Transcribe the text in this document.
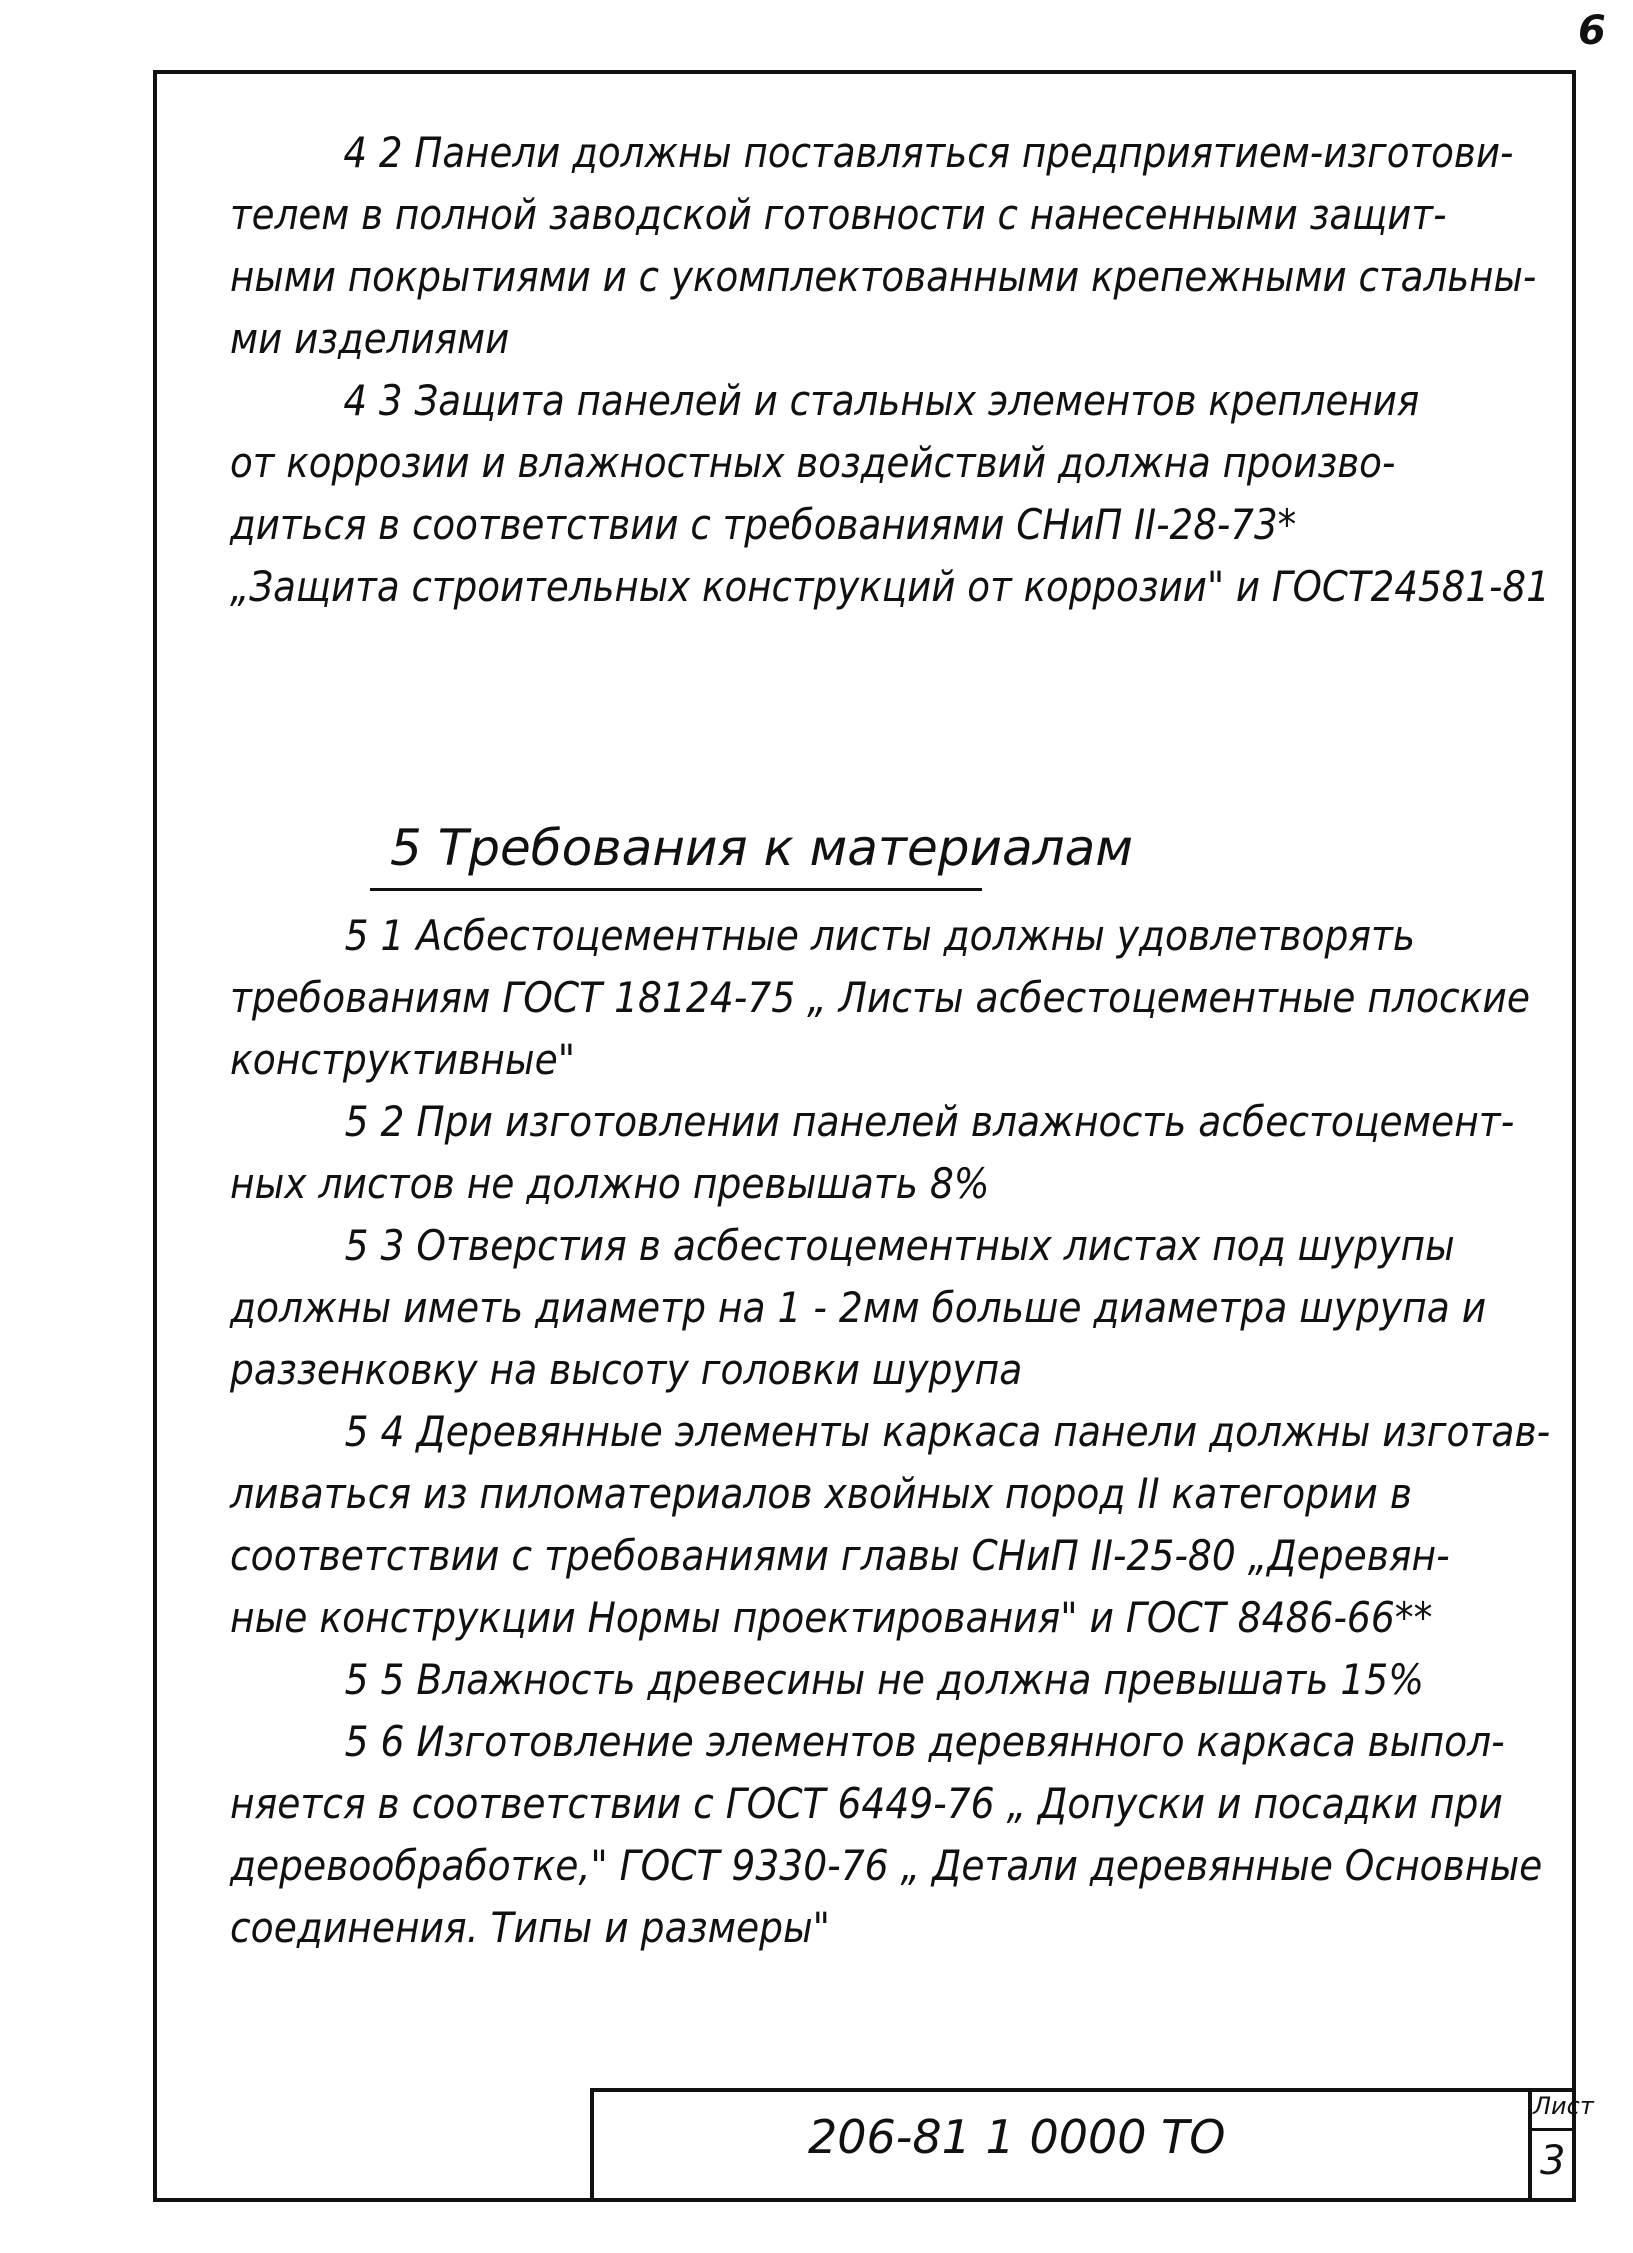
6
4 2 Панели должны поставляться предприятием-изготови-
телем в полной заводской готовности с нанесенными защит-
ными покрытиями и с укомплектованными крепежными стальны-
ми изделиями
4 3 Защита панелей и стальных элементов крепления
от коррозии и влажностных воздействий должна произво-
диться в соответствии с требованиями СНиП II-28-73*
„Защита строительных конструкций от коррозии" и ГОСТ24581-81
5 Требования к материалам
5 1 Асбестоцементные листы должны удовлетворять
требованиям ГОСТ 18124-75 „ Листы асбестоцементные плоские
конструктивные"
5 2 При изготовлении панелей влажность асбестоцемент-
ных листов не должно превышать 8%
5 3 Отверстия в асбестоцементных листах под шурупы
должны иметь диаметр на 1 - 2мм больше диаметра шурупа и
раззенковку на высоту головки шурупа
5 4 Деревянные элементы каркаса панели должны изготав-
ливаться из пиломатериалов хвойных пород II категории в
соответствии с требованиями главы СНиП II-25-80 „Деревян-
ные конструкции Нормы проектирования" и ГОСТ 8486-66**
5 5 Влажность древесины не должна превышать 15%
5 6 Изготовление элементов деревянного каркаса выпол-
няется в соответствии с ГОСТ 6449-76 „ Допуски и посадки при
деревообработке," ГОСТ 9330-76 „ Детали деревянные Основные
соединения. Типы и размеры"
206-81 1 0000 ТО
Лист
3
